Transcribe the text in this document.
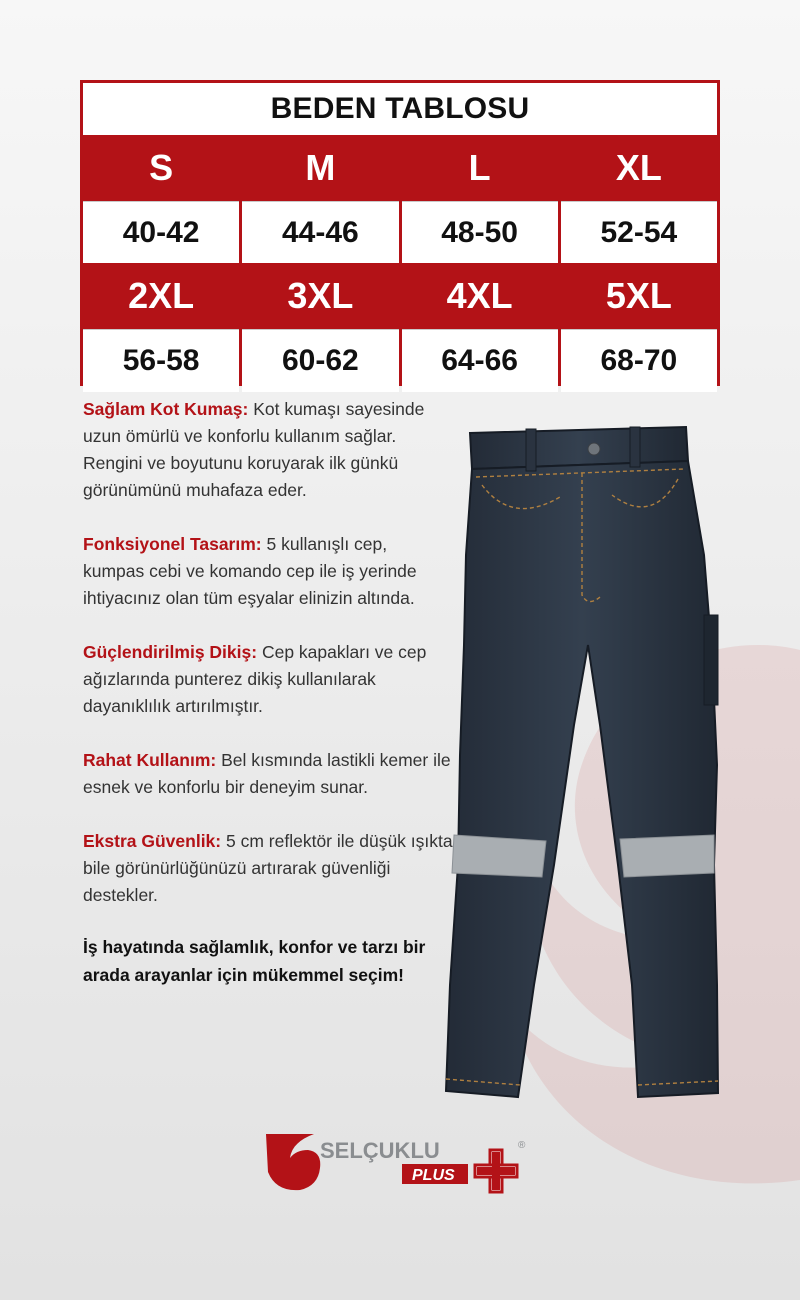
BEDEN TABLOSU
S	M	L	XL
40-42	44-46	48-50	52-54
2XL	3XL	4XL	5XL
56-58	60-62	64-66	68-70

Sağlam Kot Kumaş: Kot kumaşı sayesinde uzun ömürlü ve konforlu kullanım sağlar. Rengini ve boyutunu koruyarak ilk günkü görünümünü muhafaza eder.

Fonksiyonel Tasarım: 5 kullanışlı cep, kumpas cebi ve komando cep ile iş yerinde ihtiyacınız olan tüm eşyalar elinizin altında.

Güçlendirilmiş Dikiş: Cep kapakları ve cep ağızlarında punterez dikiş kullanılarak dayanıklılık artırılmıştır.

Rahat Kullanım: Bel kısmında lastikli kemer ile esnek ve konforlu bir deneyim sunar.

Ekstra Güvenlik: 5 cm reflektör ile düşük ışıkta bile görünürlüğünüzü artırarak güvenliği destekler.

İş hayatında sağlamlık, konfor ve tarzı bir arada arayanlar için mükemmel seçim!
SELÇUKLU
PLUS
®
